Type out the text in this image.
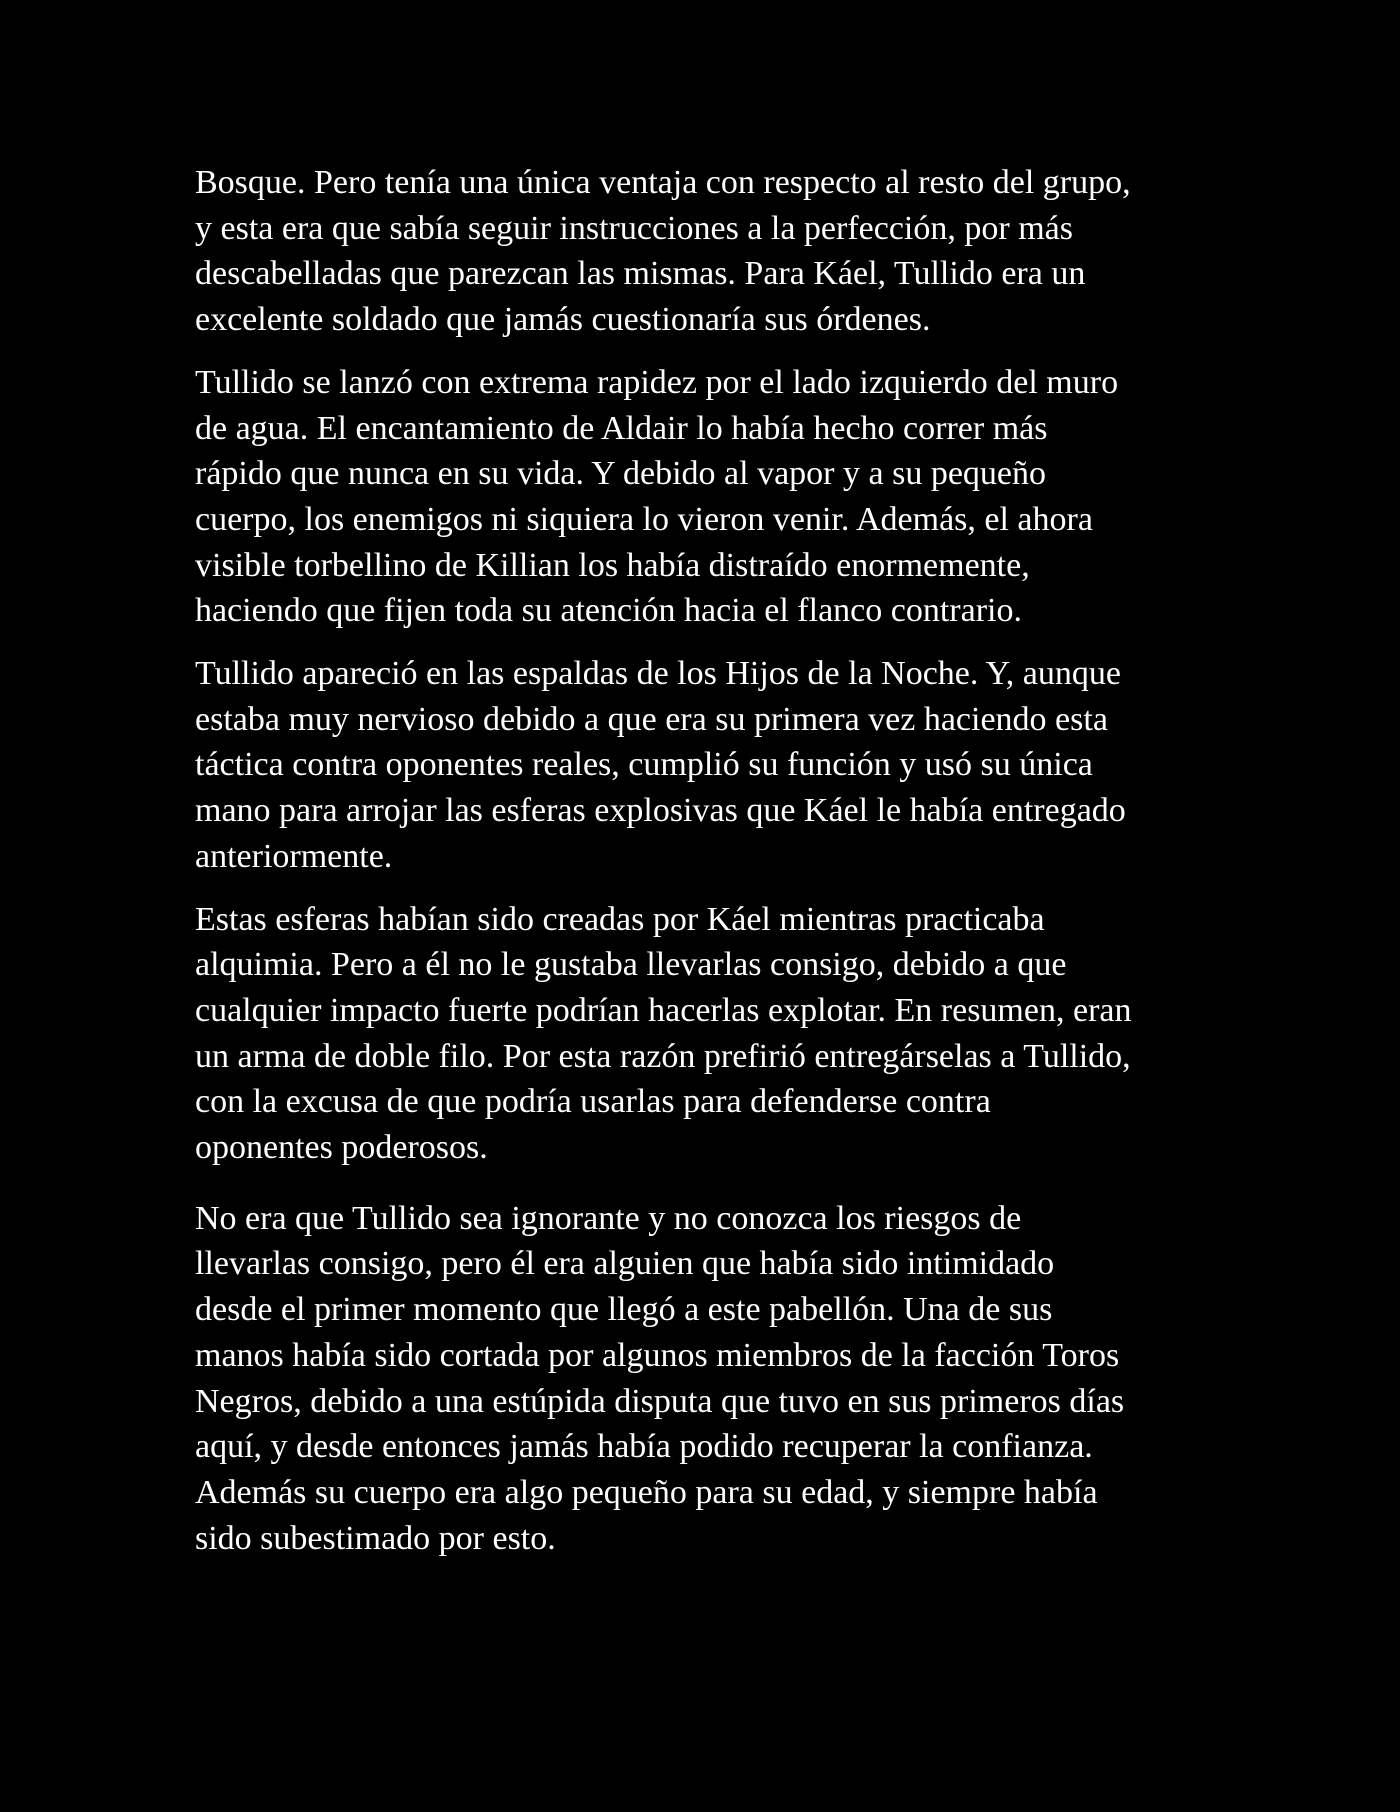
Bosque. Pero tenía una única ventaja con respecto al resto del grupo,
y esta era que sabía seguir instrucciones a la perfección, por más
descabelladas que parezcan las mismas. Para Káel, Tullido era un
excelente soldado que jamás cuestionaría sus órdenes.

Tullido se lanzó con extrema rapidez por el lado izquierdo del muro
de agua. El encantamiento de Aldair lo había hecho correr más
rápido que nunca en su vida. Y debido al vapor y a su pequeño
cuerpo, los enemigos ni siquiera lo vieron venir. Además, el ahora
visible torbellino de Killian los había distraído enormemente,
haciendo que fijen toda su atención hacia el flanco contrario.

Tullido apareció en las espaldas de los Hijos de la Noche. Y, aunque
estaba muy nervioso debido a que era su primera vez haciendo esta
táctica contra oponentes reales, cumplió su función y usó su única
mano para arrojar las esferas explosivas que Káel le había entregado
anteriormente.

Estas esferas habían sido creadas por Káel mientras practicaba
alquimia. Pero a él no le gustaba llevarlas consigo, debido a que
cualquier impacto fuerte podrían hacerlas explotar. En resumen, eran
un arma de doble filo. Por esta razón prefirió entregárselas a Tullido,
con la excusa de que podría usarlas para defenderse contra
oponentes poderosos.

No era que Tullido sea ignorante y no conozca los riesgos de
llevarlas consigo, pero él era alguien que había sido intimidado
desde el primer momento que llegó a este pabellón. Una de sus
manos había sido cortada por algunos miembros de la facción Toros
Negros, debido a una estúpida disputa que tuvo en sus primeros días
aquí, y desde entonces jamás había podido recuperar la confianza.
Además su cuerpo era algo pequeño para su edad, y siempre había
sido subestimado por esto.
